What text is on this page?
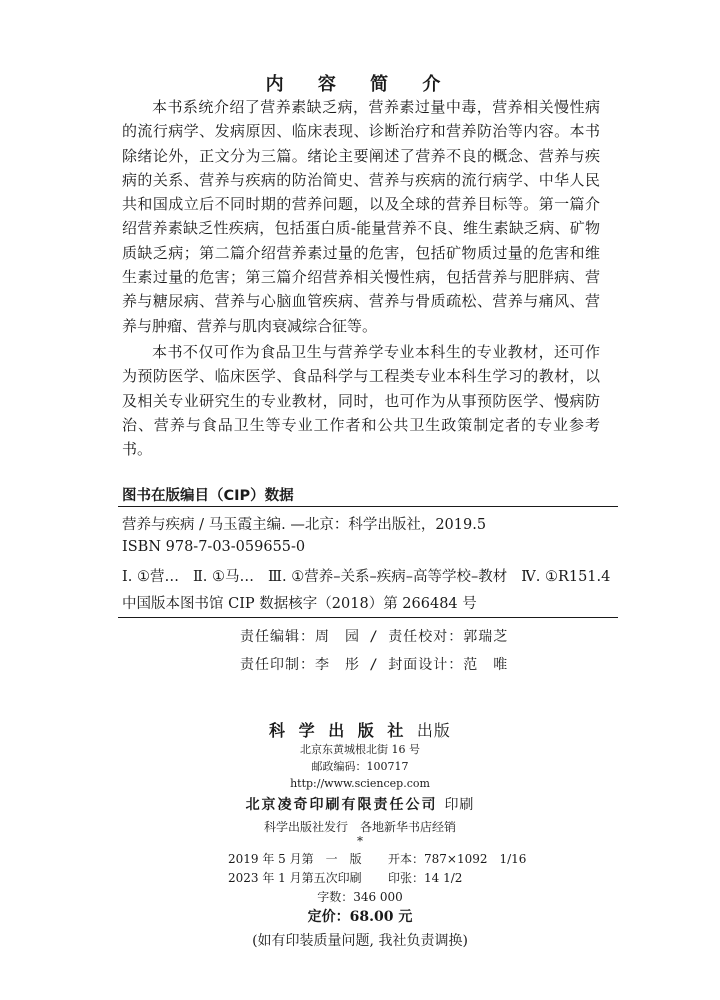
内 容 简 介

本书系统介绍了营养素缺乏病，营养素过量中毒，营养相关慢性病的流行病学、发病原因、临床表现、诊断治疗和营养防治等内容。本书除绪论外，正文分为三篇。绪论主要阐述了营养不良的概念、营养与疾病的关系、营养与疾病的防治简史、营养与疾病的流行病学、中华人民共和国成立后不同时期的营养问题，以及全球的营养目标等。第一篇介绍营养素缺乏性疾病，包括蛋白质-能量营养不良、维生素缺乏病、矿物质缺乏病；第二篇介绍营养素过量的危害，包括矿物质过量的危害和维生素过量的危害；第三篇介绍营养相关慢性病，包括营养与肥胖病、营养与糖尿病、营养与心脑血管疾病、营养与骨质疏松、营养与痛风、营养与肿瘤、营养与肌肉衰减综合征等。

本书不仅可作为食品卫生与营养学专业本科生的专业教材，还可作为预防医学、临床医学、食品科学与工程类专业本科生学习的教材，以及相关专业研究生的专业教材，同时，也可作为从事预防医学、慢病防治、营养与食品卫生等专业工作者和公共卫生政策制定者的专业参考书。

图书在版编目（CIP）数据
营养与疾病 / 马玉霞主编. —北京：科学出版社，2019.5
ISBN 978-7-03-059655-0
Ⅰ. ①营… Ⅱ. ①马… Ⅲ. ①营养–关系–疾病–高等学校–教材 Ⅳ. ①R151.4
中国版本图书馆 CIP 数据核字（2018）第 266484 号
责任编辑：周　园 / 责任校对：郭瑞芝
责任印制：李　彤 / 封面设计：范　唯
科 学 出 版 社 出版
北京东黄城根北街 16 号
邮政编码：100717
http://www.sciencep.com
北京凌奇印刷有限责任公司 印刷
科学出版社发行　各地新华书店经销
*
2019 年 5 月第　一　版 开本：787×1092　1/16
2023 年 1 月第五次印刷 印张：14 1/2
字数：346 000
定价：68.00 元
(如有印装质量问题, 我社负责调换)
